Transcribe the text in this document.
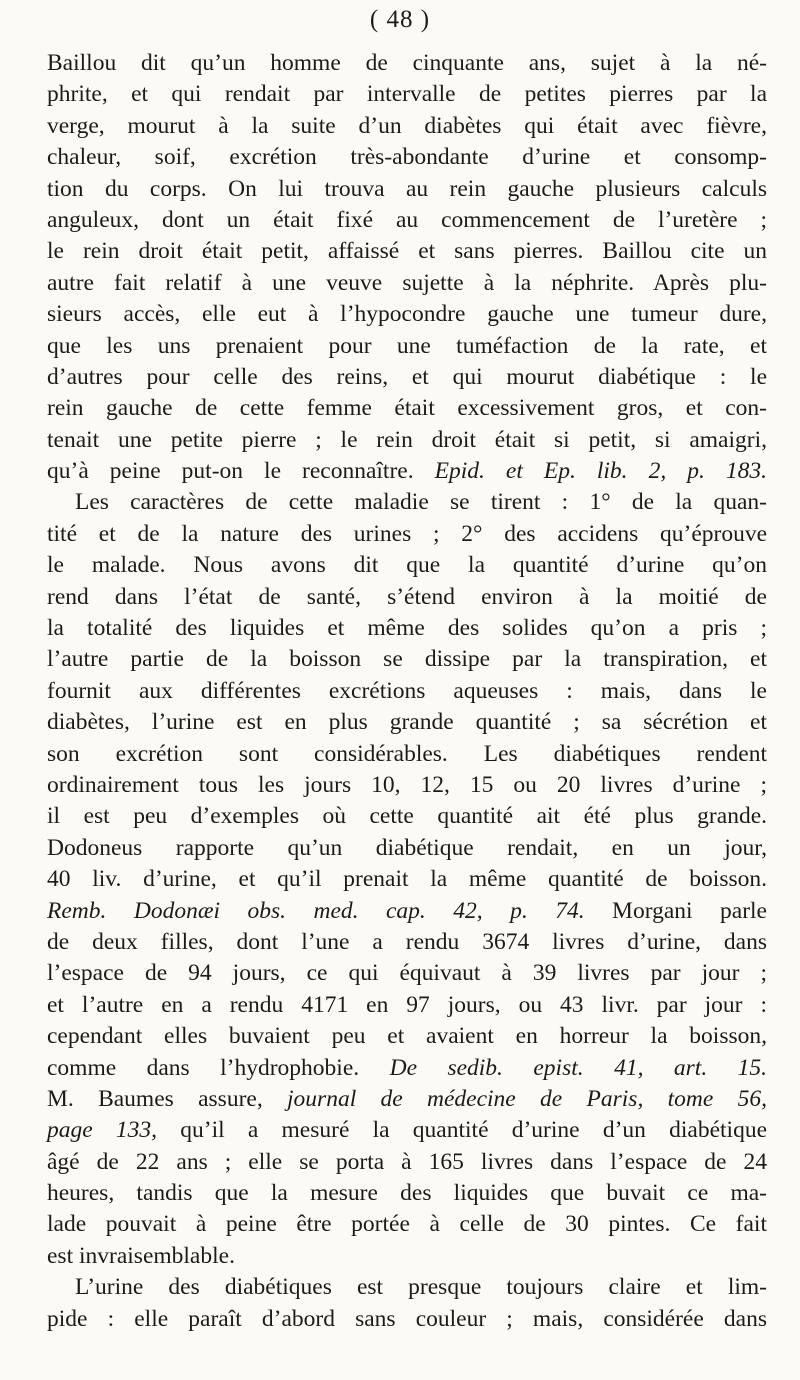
( 48 )
Baillou dit qu’un homme de cinquante ans, sujet à la né-
phrite, et qui rendait par intervalle de petites pierres par la
verge, mourut à la suite d’un diabètes qui était avec fièvre,
chaleur, soif, excrétion très-abondante d’urine et consomp-
tion du corps. On lui trouva au rein gauche plusieurs calculs
anguleux, dont un était fixé au commencement de l’uretère ;
le rein droit était petit, affaissé et sans pierres. Baillou cite un
autre fait relatif à une veuve sujette à la néphrite. Après plu-
sieurs accès, elle eut à l’hypocondre gauche une tumeur dure,
que les uns prenaient pour une tuméfaction de la rate, et
d’autres pour celle des reins, et qui mourut diabétique : le
rein gauche de cette femme était excessivement gros, et con-
tenait une petite pierre ; le rein droit était si petit, si amaigri,
qu’à peine put-on le reconnaître. Epid. et Ep. lib. 2, p. 183.
Les caractères de cette maladie se tirent : 1° de la quan-
tité et de la nature des urines ; 2° des accidens qu’éprouve
le malade. Nous avons dit que la quantité d’urine qu’on
rend dans l’état de santé, s’étend environ à la moitié de
la totalité des liquides et même des solides qu’on a pris ;
l’autre partie de la boisson se dissipe par la transpiration, et
fournit aux différentes excrétions aqueuses : mais, dans le
diabètes, l’urine est en plus grande quantité ; sa sécrétion et
son excrétion sont considérables. Les diabétiques rendent
ordinairement tous les jours 10, 12, 15 ou 20 livres d’urine ;
il est peu d’exemples où cette quantité ait été plus grande.
Dodoneus rapporte qu’un diabétique rendait, en un jour,
40 liv. d’urine, et qu’il prenait la même quantité de boisson.
Remb. Dodonæi obs. med. cap. 42, p. 74. Morgani parle
de deux filles, dont l’une a rendu 3674 livres d’urine, dans
l’espace de 94 jours, ce qui équivaut à 39 livres par jour ;
et l’autre en a rendu 4171 en 97 jours, ou 43 livr. par jour :
cependant elles buvaient peu et avaient en horreur la boisson,
comme dans l’hydrophobie. De sedib. epist. 41, art. 15.
M. Baumes assure, journal de médecine de Paris, tome 56,
page 133, qu’il a mesuré la quantité d’urine d’un diabétique
âgé de 22 ans ; elle se porta à 165 livres dans l’espace de 24
heures, tandis que la mesure des liquides que buvait ce ma-
lade pouvait à peine être portée à celle de 30 pintes. Ce fait
est invraisemblable.
L’urine des diabétiques est presque toujours claire et lim-
pide : elle paraît d’abord sans couleur ; mais, considérée dans
